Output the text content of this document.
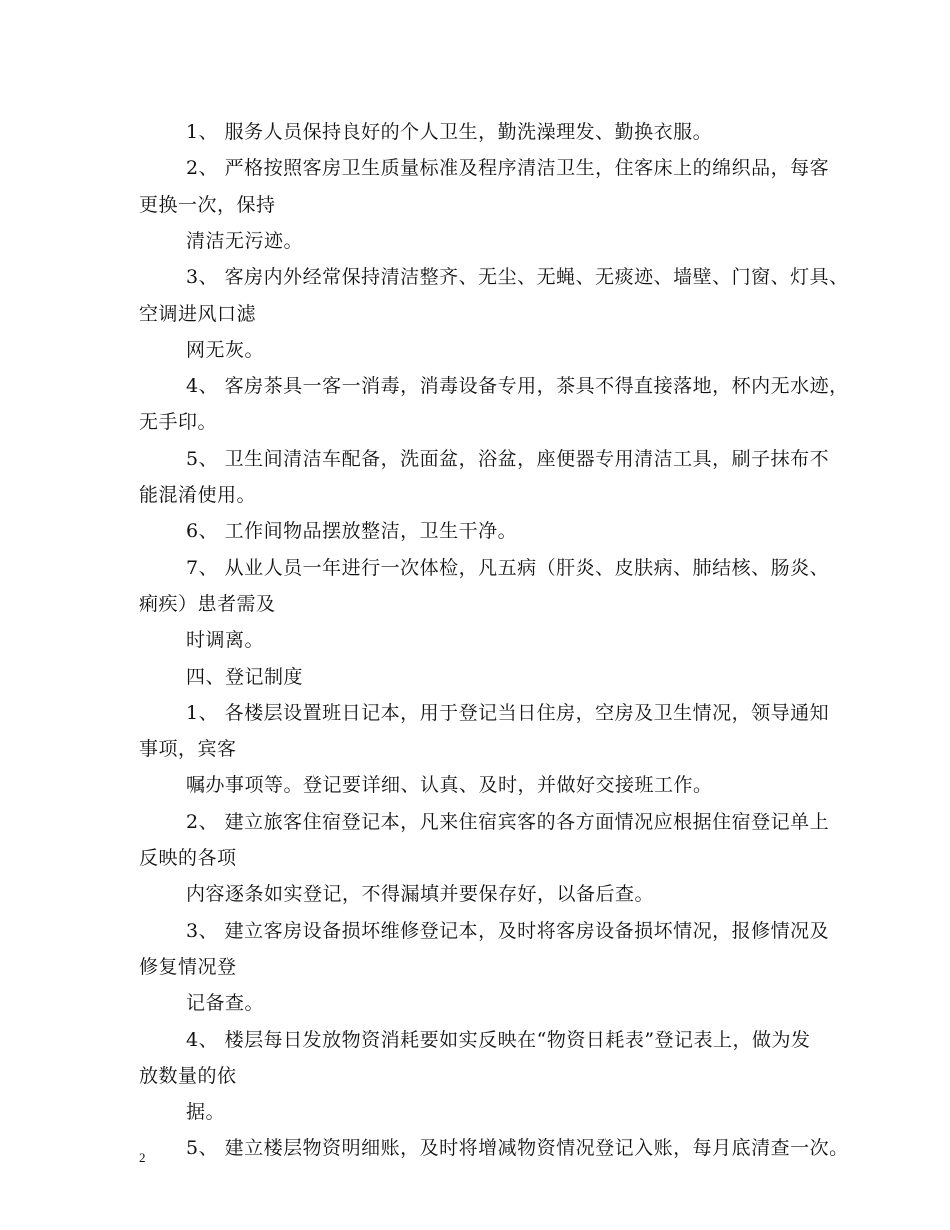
1、 服务人员保持良好的个人卫生，勤洗澡理发、勤换衣服。
2、 严格按照客房卫生质量标准及程序清洁卫生，住客床上的绵织品，每客
更换一次，保持
清洁无污迹。
3、 客房内外经常保持清洁整齐、无尘、无蝇、无痰迹、墙壁、门窗、灯具、
空调进风口滤
网无灰。
4、 客房茶具一客一消毒，消毒设备专用，茶具不得直接落地，杯内无水迹，
无手印。
5、 卫生间清洁车配备，洗面盆，浴盆，座便器专用清洁工具，刷子抹布不
能混淆使用。
6、 工作间物品摆放整洁，卫生干净。
7、 从业人员一年进行一次体检，凡五病（肝炎、皮肤病、肺结核、肠炎、
痢疾）患者需及
时调离。
四、登记制度
1、 各楼层设置班日记本，用于登记当日住房，空房及卫生情况，领导通知
事项，宾客
嘱办事项等。登记要详细、认真、及时，并做好交接班工作。
2、 建立旅客住宿登记本，凡来住宿宾客的各方面情况应根据住宿登记单上
反映的各项
内容逐条如实登记，不得漏填并要保存好，以备后查。
3、 建立客房设备损坏维修登记本，及时将客房设备损坏情况，报修情况及
修复情况登
记备查。
4、 楼层每日发放物资消耗要如实反映在“物资日耗表”登记表上，做为发
放数量的依
据。
5、 建立楼层物资明细账，及时将增减物资情况登记入账，每月底清查一次。
2
